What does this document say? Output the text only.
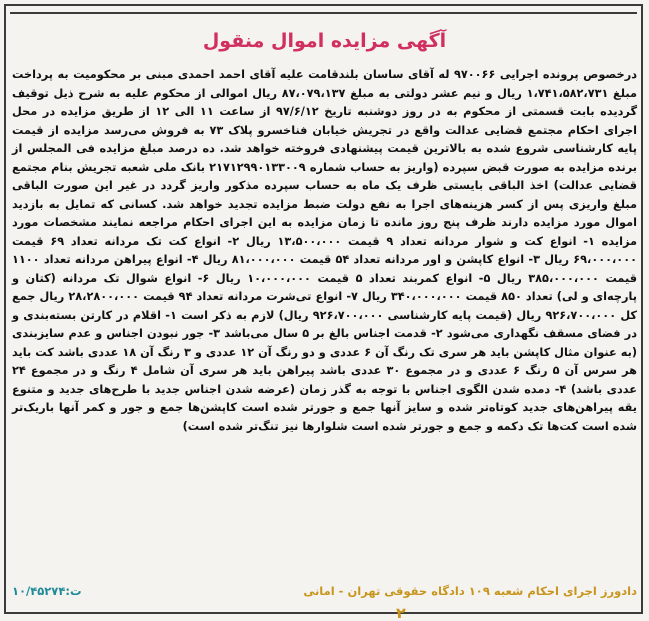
آگهی مزایده اموال منقول
درخصوص پرونده اجرایی ۹۷۰۰۶۶ له آقای ساسان بلندقامت علیه آقای احمد احمدی مبنی بر محکومیت به پرداخت مبلغ ۱،۷۴۱،۵۸۲،۷۳۱ ریال و نیم عشر دولتی به مبلغ ۸۷،۰۷۹،۱۳۷ ریال اموالی از محکوم علیه به شرح ذیل توقیف گردیده بابت قسمتی از محکوم به در روز دوشنبه تاریخ ۹۷/۶/۱۲ از ساعت ۱۱ الی ۱۲ از طریق مزایده در محل اجرای احکام مجتمع قضایی عدالت واقع در تجریش خیابان فناخسرو پلاک ۷۳ به فروش می‌رسد مزایده از قیمت پایه کارشناسی شروع شده به بالاترین قیمت پیشنهادی فروخته خواهد شد. ده درصد مبلغ مزایده فی المجلس از برنده مزایده به صورت قبض سپرده (واریز به حساب شماره ۲۱۷۱۲۹۹۰۱۳۳۰۰۹ بانک ملی شعبه تجریش بنام مجتمع قضایی عدالت) اخذ الباقی بایستی ظرف یک ماه به حساب سپرده مذکور واریز گردد در غیر این صورت الباقی مبلغ واریزی پس از کسر هزینه‌های اجرا به نفع دولت ضبط مزایده تجدید خواهد شد. کسانی که تمایل به بازدید اموال مورد مزایده دارند ظرف پنج روز مانده تا زمان مزایده به این اجرای احکام مراجعه نمایند مشخصات مورد مزایده ۱- انواع کت و شوار مردانه تعداد ۹ قیمت ۱۳،۵۰۰،۰۰۰ ریال ۲- انواع کت تک مردانه تعداد ۶۹ قیمت ۶۹،۰۰۰،۰۰۰ ریال ۳- انواع کاپشن و اور مردانه تعداد ۵۴ قیمت ۸۱،۰۰۰،۰۰۰ ریال ۴- انواع پیراهن مردانه تعداد ۱۱۰۰ قیمت ۳۸۵،۰۰۰،۰۰۰ ریال ۵- انواع کمربند تعداد ۵ قیمت ۱۰،۰۰۰،۰۰۰ ریال ۶- انواع شوال تک مردانه (کتان و پارچه‌ای و لی) تعداد ۸۵۰ قیمت ۳۴۰،۰۰۰،۰۰۰ ریال ۷- انواع تی‌شرت مردانه تعداد ۹۴ قیمت ۲۸،۲۸۰۰،۰۰۰ ریال جمع کل ۹۲۶،۷۰۰،۰۰۰ ریال (قیمت پایه کارشناسی ۹۲۶،۷۰۰،۰۰۰ ریال) لازم به ذکر است ۱- اقلام در کارتن بسته‌بندی و در فضای مسقف نگهداری می‌شود ۲- قدمت اجناس بالغ بر ۵ سال می‌باشد ۳- جور نبودن اجناس و عدم سایزبندی (به عنوان مثال کاپشن باید هر سری تک رنگ آن ۶ عددی و دو رنگ آن ۱۲ عددی و ۳ رنگ آن ۱۸ عددی باشد کت باید هر سرس آن ۵ رنگ ۶ عددی و در مجموع ۳۰ عددی باشد پیراهن باید هر سری آن شامل ۴ رنگ و در مجموع ۲۴ عددی باشد) ۴- دمده شدن الگوی اجناس با توجه به گذر زمان (عرضه شدن اجناس جدید با طرح‌های جدید و متنوع یقه پیراهن‌های جدید کوتاه‌تر شده و سایز آنها جمع و جورتر شده است کاپشن‌ها جمع و جور و کمر آنها باریک‌تر شده است کت‌ها تک دکمه و جمع و جورتر شده است شلوارها نیز تنگ‌تر شده است)
دادورز اجرای احکام شعبه ۱۰۹ دادگاه حقوقی تهران - امانی
۱۰/۴۵۲۷۴:ت
۲
